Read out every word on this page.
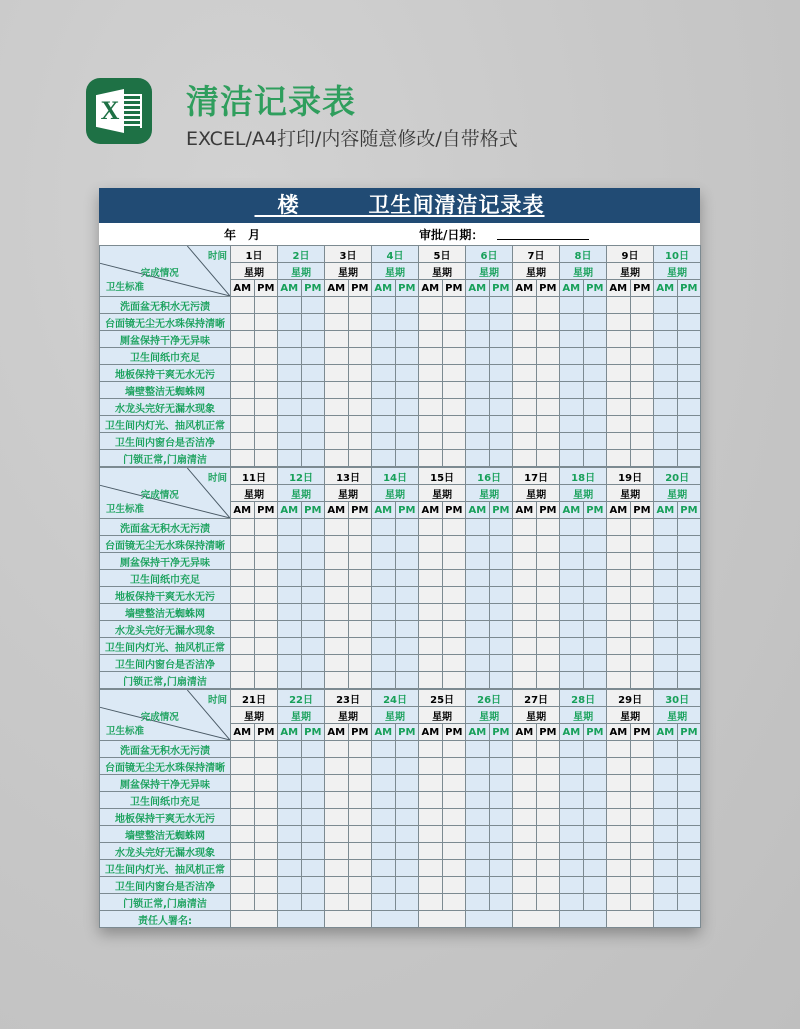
X 清洁记录表
EXCEL/A4打印/内容随意修改/自带格式
__楼______卫生间清洁记录表
年 月	审批/日期：
时间
完成情况
卫生标准	1日		2日		3日		4日		5日		6日		7日		8日		9日		10日	
	星期		星期		星期		星期		星期		星期		星期		星期		星期		星期	
	AM	PM	AM	PM	AM	PM	AM	PM	AM	PM	AM	PM	AM	PM	AM	PM	AM	PM	AM	PM
洗面盆无积水无污渍																				
台面镜无尘无水珠保持清晰																				
厕盆保持干净无异味																				
卫生间纸巾充足																				
地板保持干爽无水无污																				
墙壁整洁无蜘蛛网																				
水龙头完好无漏水现象																				
卫生间内灯光、抽风机正常																				
卫生间内窗台是否洁净																				
门锁正常,门扇清洁																				
时间
完成情况
卫生标准	11日		12日		13日		14日		15日		16日		17日		18日		19日		20日	
	星期		星期		星期		星期		星期		星期		星期		星期		星期		星期	
	AM	PM	AM	PM	AM	PM	AM	PM	AM	PM	AM	PM	AM	PM	AM	PM	AM	PM	AM	PM
洗面盆无积水无污渍																				
台面镜无尘无水珠保持清晰																				
厕盆保持干净无异味																				
卫生间纸巾充足																				
地板保持干爽无水无污																				
墙壁整洁无蜘蛛网																				
水龙头完好无漏水现象																				
卫生间内灯光、抽风机正常																				
卫生间内窗台是否洁净																				
门锁正常,门扇清洁																				
时间
完成情况
卫生标准	21日		22日		23日		24日		25日		26日		27日		28日		29日		30日	
	星期		星期		星期		星期		星期		星期		星期		星期		星期		星期	
	AM	PM	AM	PM	AM	PM	AM	PM	AM	PM	AM	PM	AM	PM	AM	PM	AM	PM	AM	PM
洗面盆无积水无污渍																				
台面镜无尘无水珠保持清晰																				
厕盆保持干净无异味																				
卫生间纸巾充足																				
地板保持干爽无水无污																				
墙壁整洁无蜘蛛网																				
水龙头完好无漏水现象																				
卫生间内灯光、抽风机正常																				
卫生间内窗台是否洁净																				
门锁正常,门扇清洁																				
责任人署名:																				
